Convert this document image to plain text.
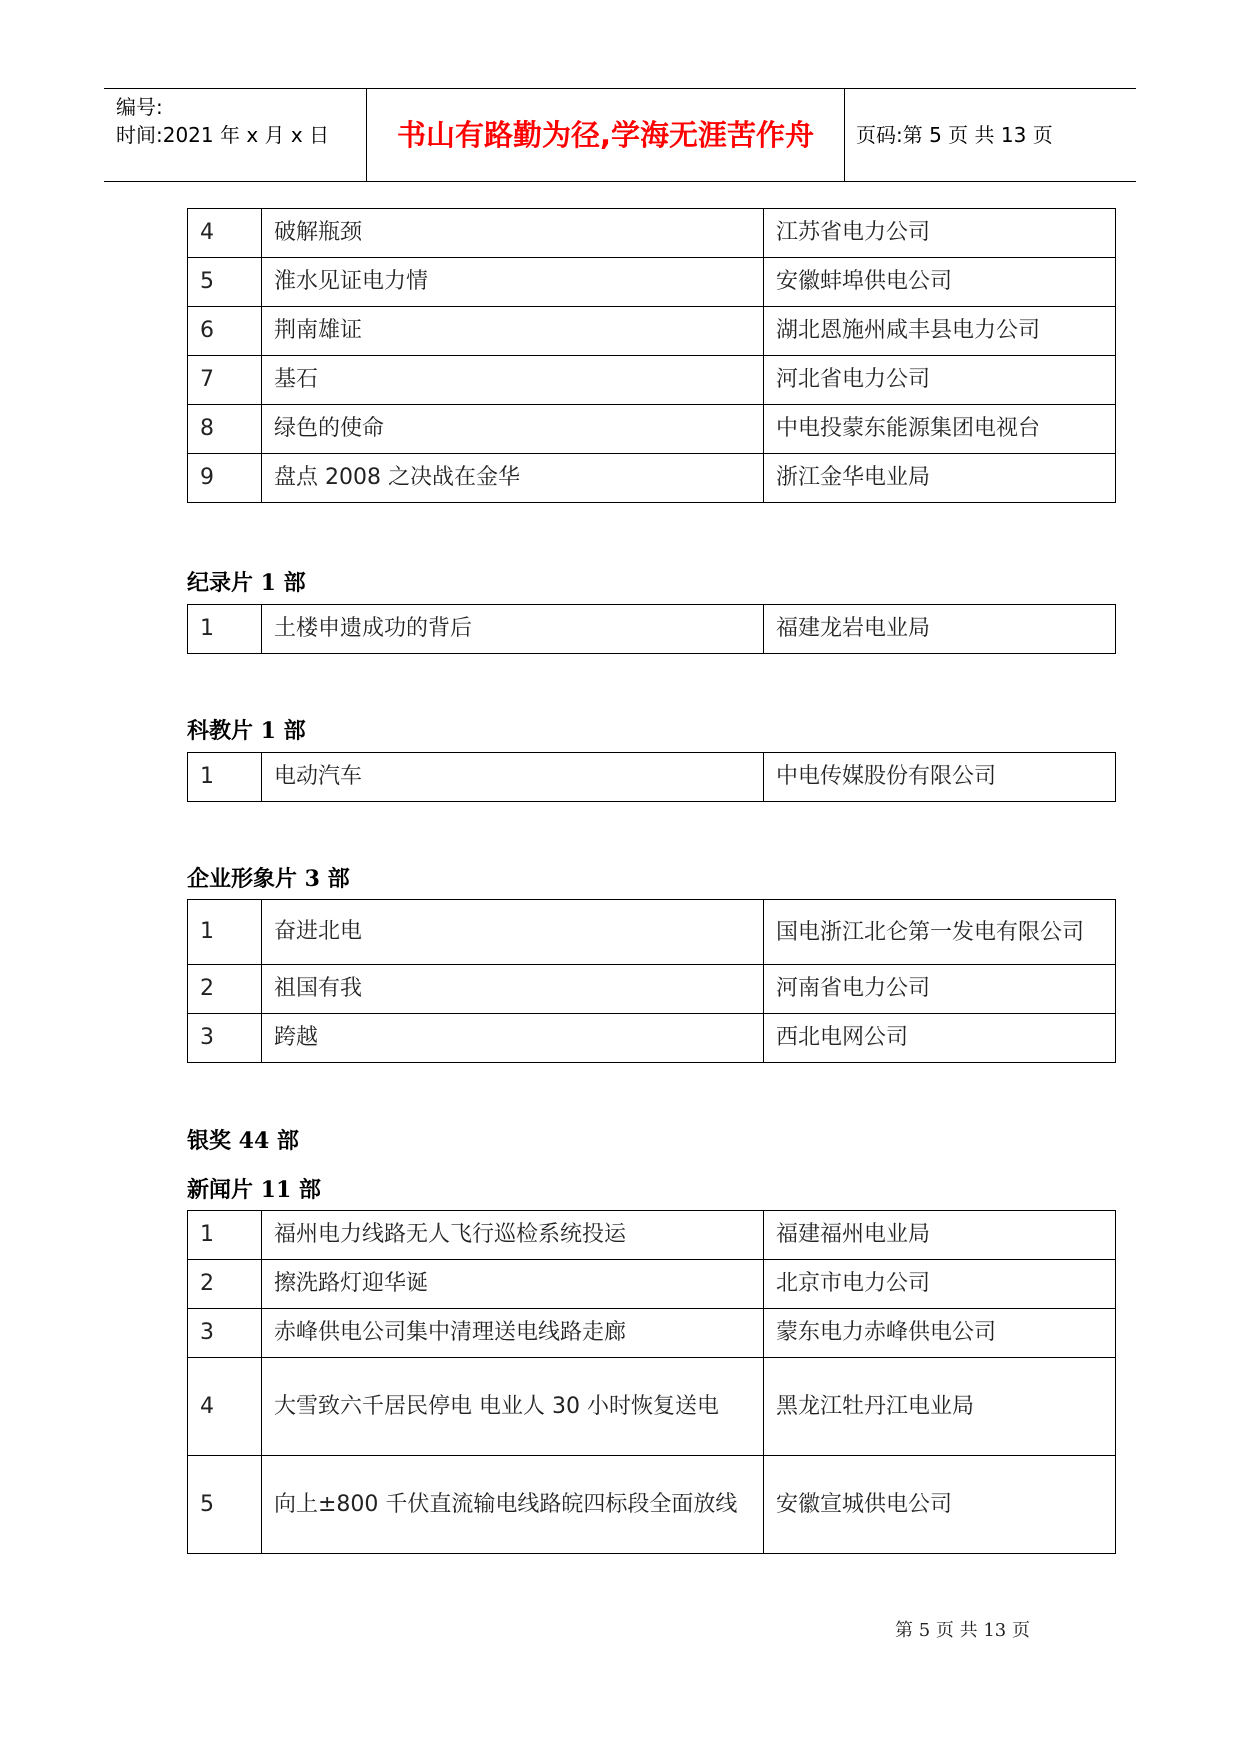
编号:
时间:2021 年 x 月 x 日	书山有路勤为径,学海无涯苦作舟	页码:第 5 页 共 13 页
4	破解瓶颈	江苏省电力公司
5	淮水见证电力情	安徽蚌埠供电公司
6	荆南雄证	湖北恩施州咸丰县电力公司
7	基石	河北省电力公司
8	绿色的使命	中电投蒙东能源集团电视台
9	盘点 2008 之决战在金华	浙江金华电业局
纪录片 1 部
1	土楼申遗成功的背后	福建龙岩电业局
科教片 1 部
1	电动汽车	中电传媒股份有限公司
企业形象片 3 部
1	奋进北电	国电浙江北仑第一发电有限公司
2	祖国有我	河南省电力公司
3	跨越	西北电网公司
银奖 44 部
新闻片 11 部
1	福州电力线路无人飞行巡检系统投运	福建福州电业局
2	擦洗路灯迎华诞	北京市电力公司
3	赤峰供电公司集中清理送电线路走廊	蒙东电力赤峰供电公司
4	大雪致六千居民停电 电业人 30 小时恢复送电	黑龙江牡丹江电业局
5	向上±800 千伏直流输电线路皖四标段全面放线	安徽宣城供电公司
第 5 页 共 13 页
